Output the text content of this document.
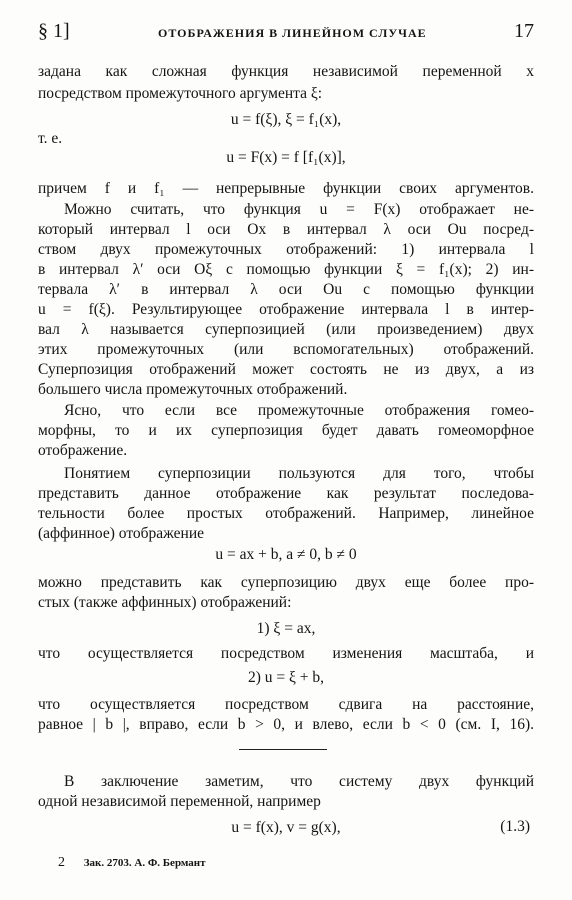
§ 1]	ОТОБРАЖЕНИЯ В ЛИНЕЙНОМ СЛУЧАЕ	17
задана как сложная функция независимой переменной x
посредством промежуточного аргумента ξ:
u = f(ξ), ξ = f₁(x),
т. е.
u = F(x) = f [f₁(x)],
причем f и f₁ — непрерывные функции своих аргументов.
Можно считать, что функция u = F(x) отображает не-
который интервал l оси Ox в интервал λ оси Ou посред-
ством двух промежуточных отображений: 1) интервала l
в интервал λ′ оси Oξ с помощью функции ξ = f₁(x); 2) ин-
тервала λ′ в интервал λ оси Ou с помощью функции
u = f(ξ). Результирующее отображение интервала l в интер-
вал λ называется суперпозицией (или произведением) двух
этих промежуточных (или вспомогательных) отображений.
Суперпозиция отображений может состоять не из двух, а из
большего числа промежуточных отображений.
Ясно, что если все промежуточные отображения гомео-
морфны, то и их суперпозиция будет давать гомеоморфное
отображение.
Понятием суперпозиции пользуются для того, чтобы
представить данное отображение как результат последова-
тельности более простых отображений. Например, линейное
(аффинное) отображение
u = ax + b, a ≠ 0, b ≠ 0
можно представить как суперпозицию двух еще более про-
стых (также аффинных) отображений:
1) ξ = ax,
что осуществляется посредством изменения масштаба, и
2) u = ξ + b,
что осуществляется посредством сдвига на расстояние,
равное | b |, вправо, если b > 0, и влево, если b < 0 (см. I, 16).
В заключение заметим, что систему двух функций
одной независимой переменной, например
u = f(x), v = g(x),	(1.3)
2 Зак. 2703. А. Ф. Бермант
